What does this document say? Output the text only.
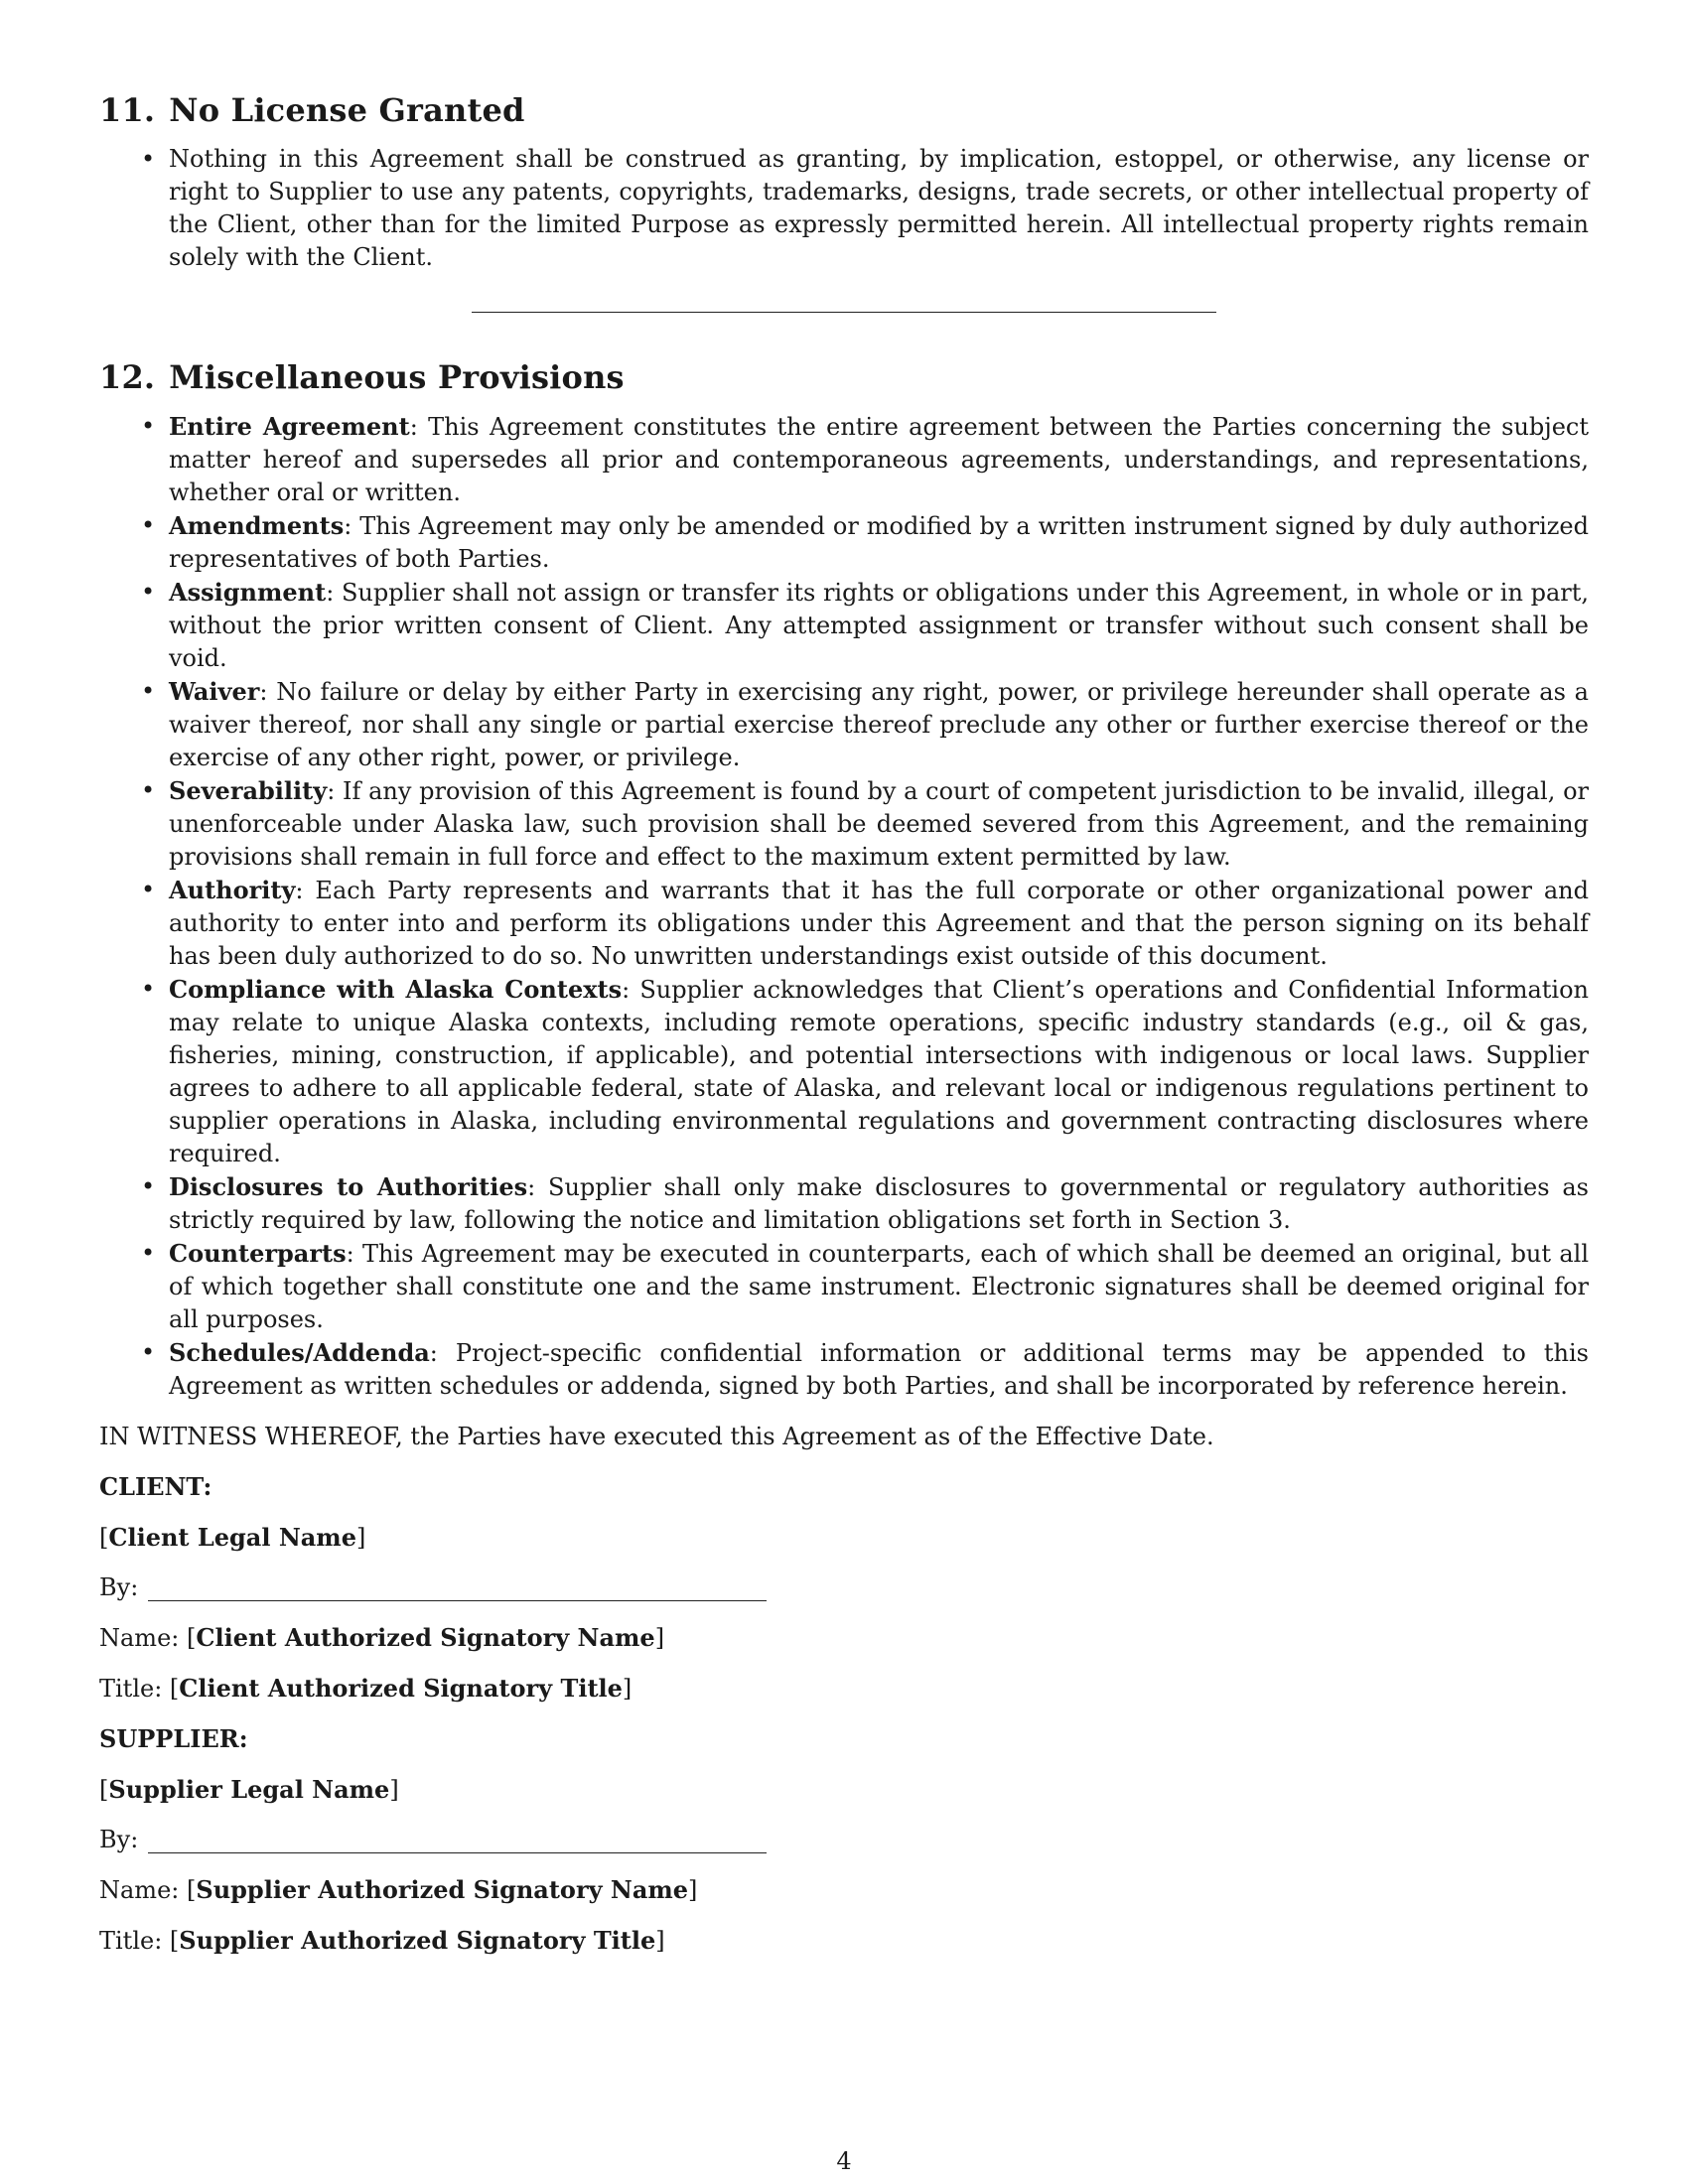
11. No License Granted
• Nothing in this Agreement shall be construed as granting, by implication, estoppel, or otherwise, any license or right to Supplier to use any patents, copyrights, trademarks, designs, trade secrets, or other intellectual property of the Client, other than for the limited Purpose as expressly permitted herein. All intellectual property rights remain solely with the Client.
12. Miscellaneous Provisions
• Entire Agreement: This Agreement constitutes the entire agreement between the Parties concerning the subject matter hereof and supersedes all prior and contemporaneous agreements, understandings, and representations, whether oral or written.
• Amendments: This Agreement may only be amended or modified by a written instrument signed by duly authorized representatives of both Parties.
• Assignment: Supplier shall not assign or transfer its rights or obligations under this Agreement, in whole or in part, without the prior written consent of Client. Any attempted assignment or transfer without such consent shall be void.
• Waiver: No failure or delay by either Party in exercising any right, power, or privilege hereunder shall operate as a waiver thereof, nor shall any single or partial exercise thereof preclude any other or further exercise thereof or the exercise of any other right, power, or privilege.
• Severability: If any provision of this Agreement is found by a court of competent jurisdiction to be invalid, illegal, or unenforceable under Alaska law, such provision shall be deemed severed from this Agreement, and the remaining provisions shall remain in full force and effect to the maximum extent permitted by law.
• Authority: Each Party represents and warrants that it has the full corporate or other organizational power and authority to enter into and perform its obligations under this Agreement and that the person signing on its behalf has been duly authorized to do so. No unwritten understandings exist outside of this document.
• Compliance with Alaska Contexts: Supplier acknowledges that Client’s operations and Confidential Information may relate to unique Alaska contexts, including remote operations, specific industry standards (e.g., oil & gas, fisheries, mining, construction, if applicable), and potential intersections with indigenous or local laws. Supplier agrees to adhere to all applicable federal, state of Alaska, and relevant local or indigenous regulations pertinent to supplier operations in Alaska, including environmental regulations and government contracting disclosures where required.
• Disclosures to Authorities: Supplier shall only make disclosures to governmental or regulatory authorities as strictly required by law, following the notice and limitation obligations set forth in Section 3.
• Counterparts: This Agreement may be executed in counterparts, each of which shall be deemed an original, but all of which together shall constitute one and the same instrument. Electronic signatures shall be deemed original for all purposes.
• Schedules/Addenda: Project-specific confidential information or additional terms may be appended to this Agreement as written schedules or addenda, signed by both Parties, and shall be incorporated by reference herein.

IN WITNESS WHEREOF, the Parties have executed this Agreement as of the Effective Date.

CLIENT:

[Client Legal Name]

By:

Name: [Client Authorized Signatory Name]

Title: [Client Authorized Signatory Title]

SUPPLIER:

[Supplier Legal Name]

By:

Name: [Supplier Authorized Signatory Name]

Title: [Supplier Authorized Signatory Title]

4
